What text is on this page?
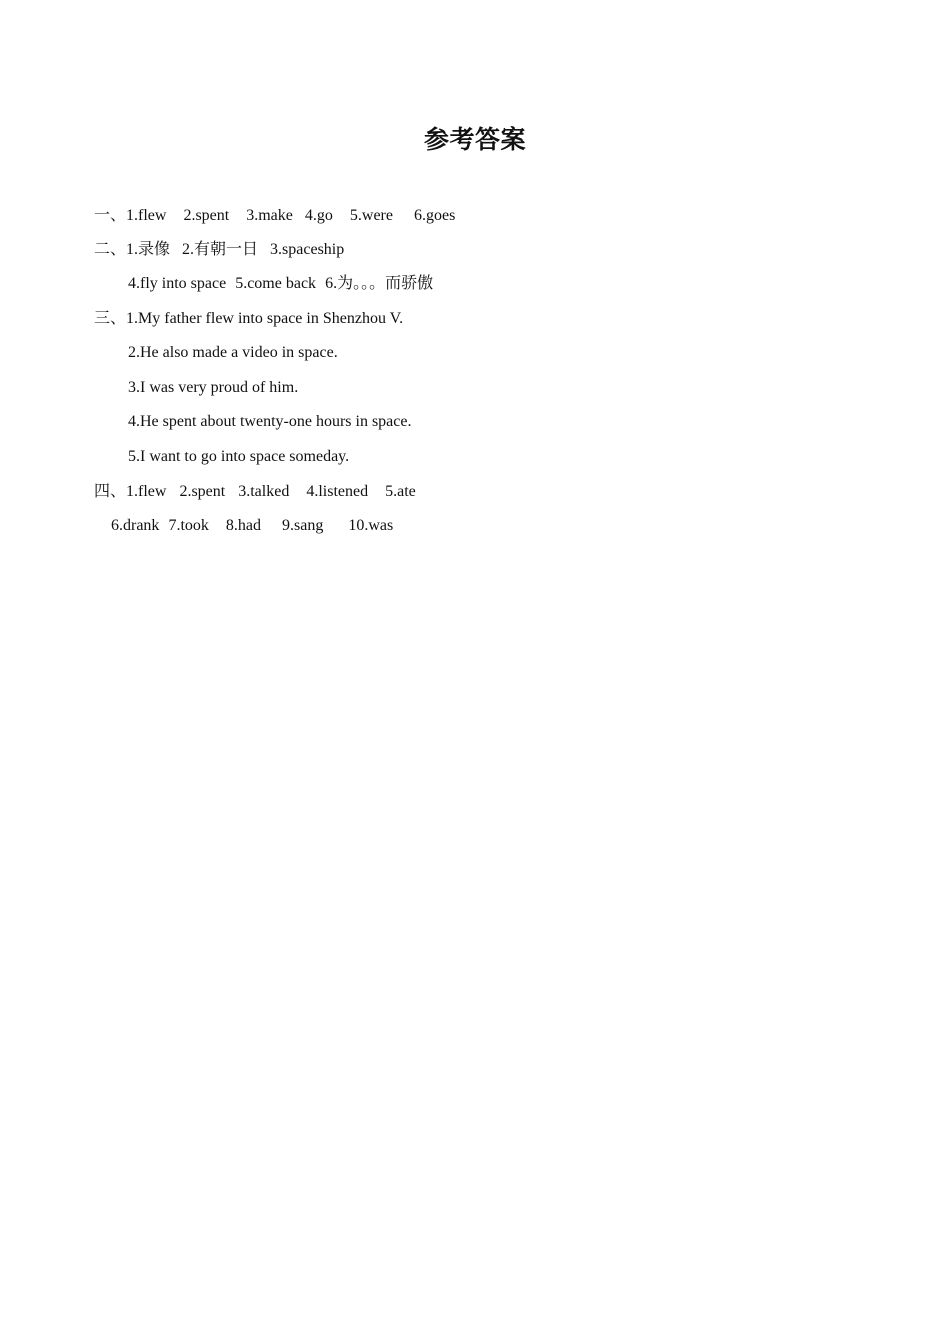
参考答案

一、1.flew 2.spent 3.make 4.go 5.were 6.goes

二、1.录像 2.有朝一日 3.spaceship

4.fly into space 5.come back 6.为。。。而骄傲

三、1.My father flew into space in Shenzhou V.

2.He also made a video in space.

3.I was very proud of him.

4.He spent about twenty-one hours in space.

5.I want to go into space someday.

四、1.flew 2.spent 3.talked 4.listened 5.ate

6.drank 7.took 8.had 9.sang 10.was
